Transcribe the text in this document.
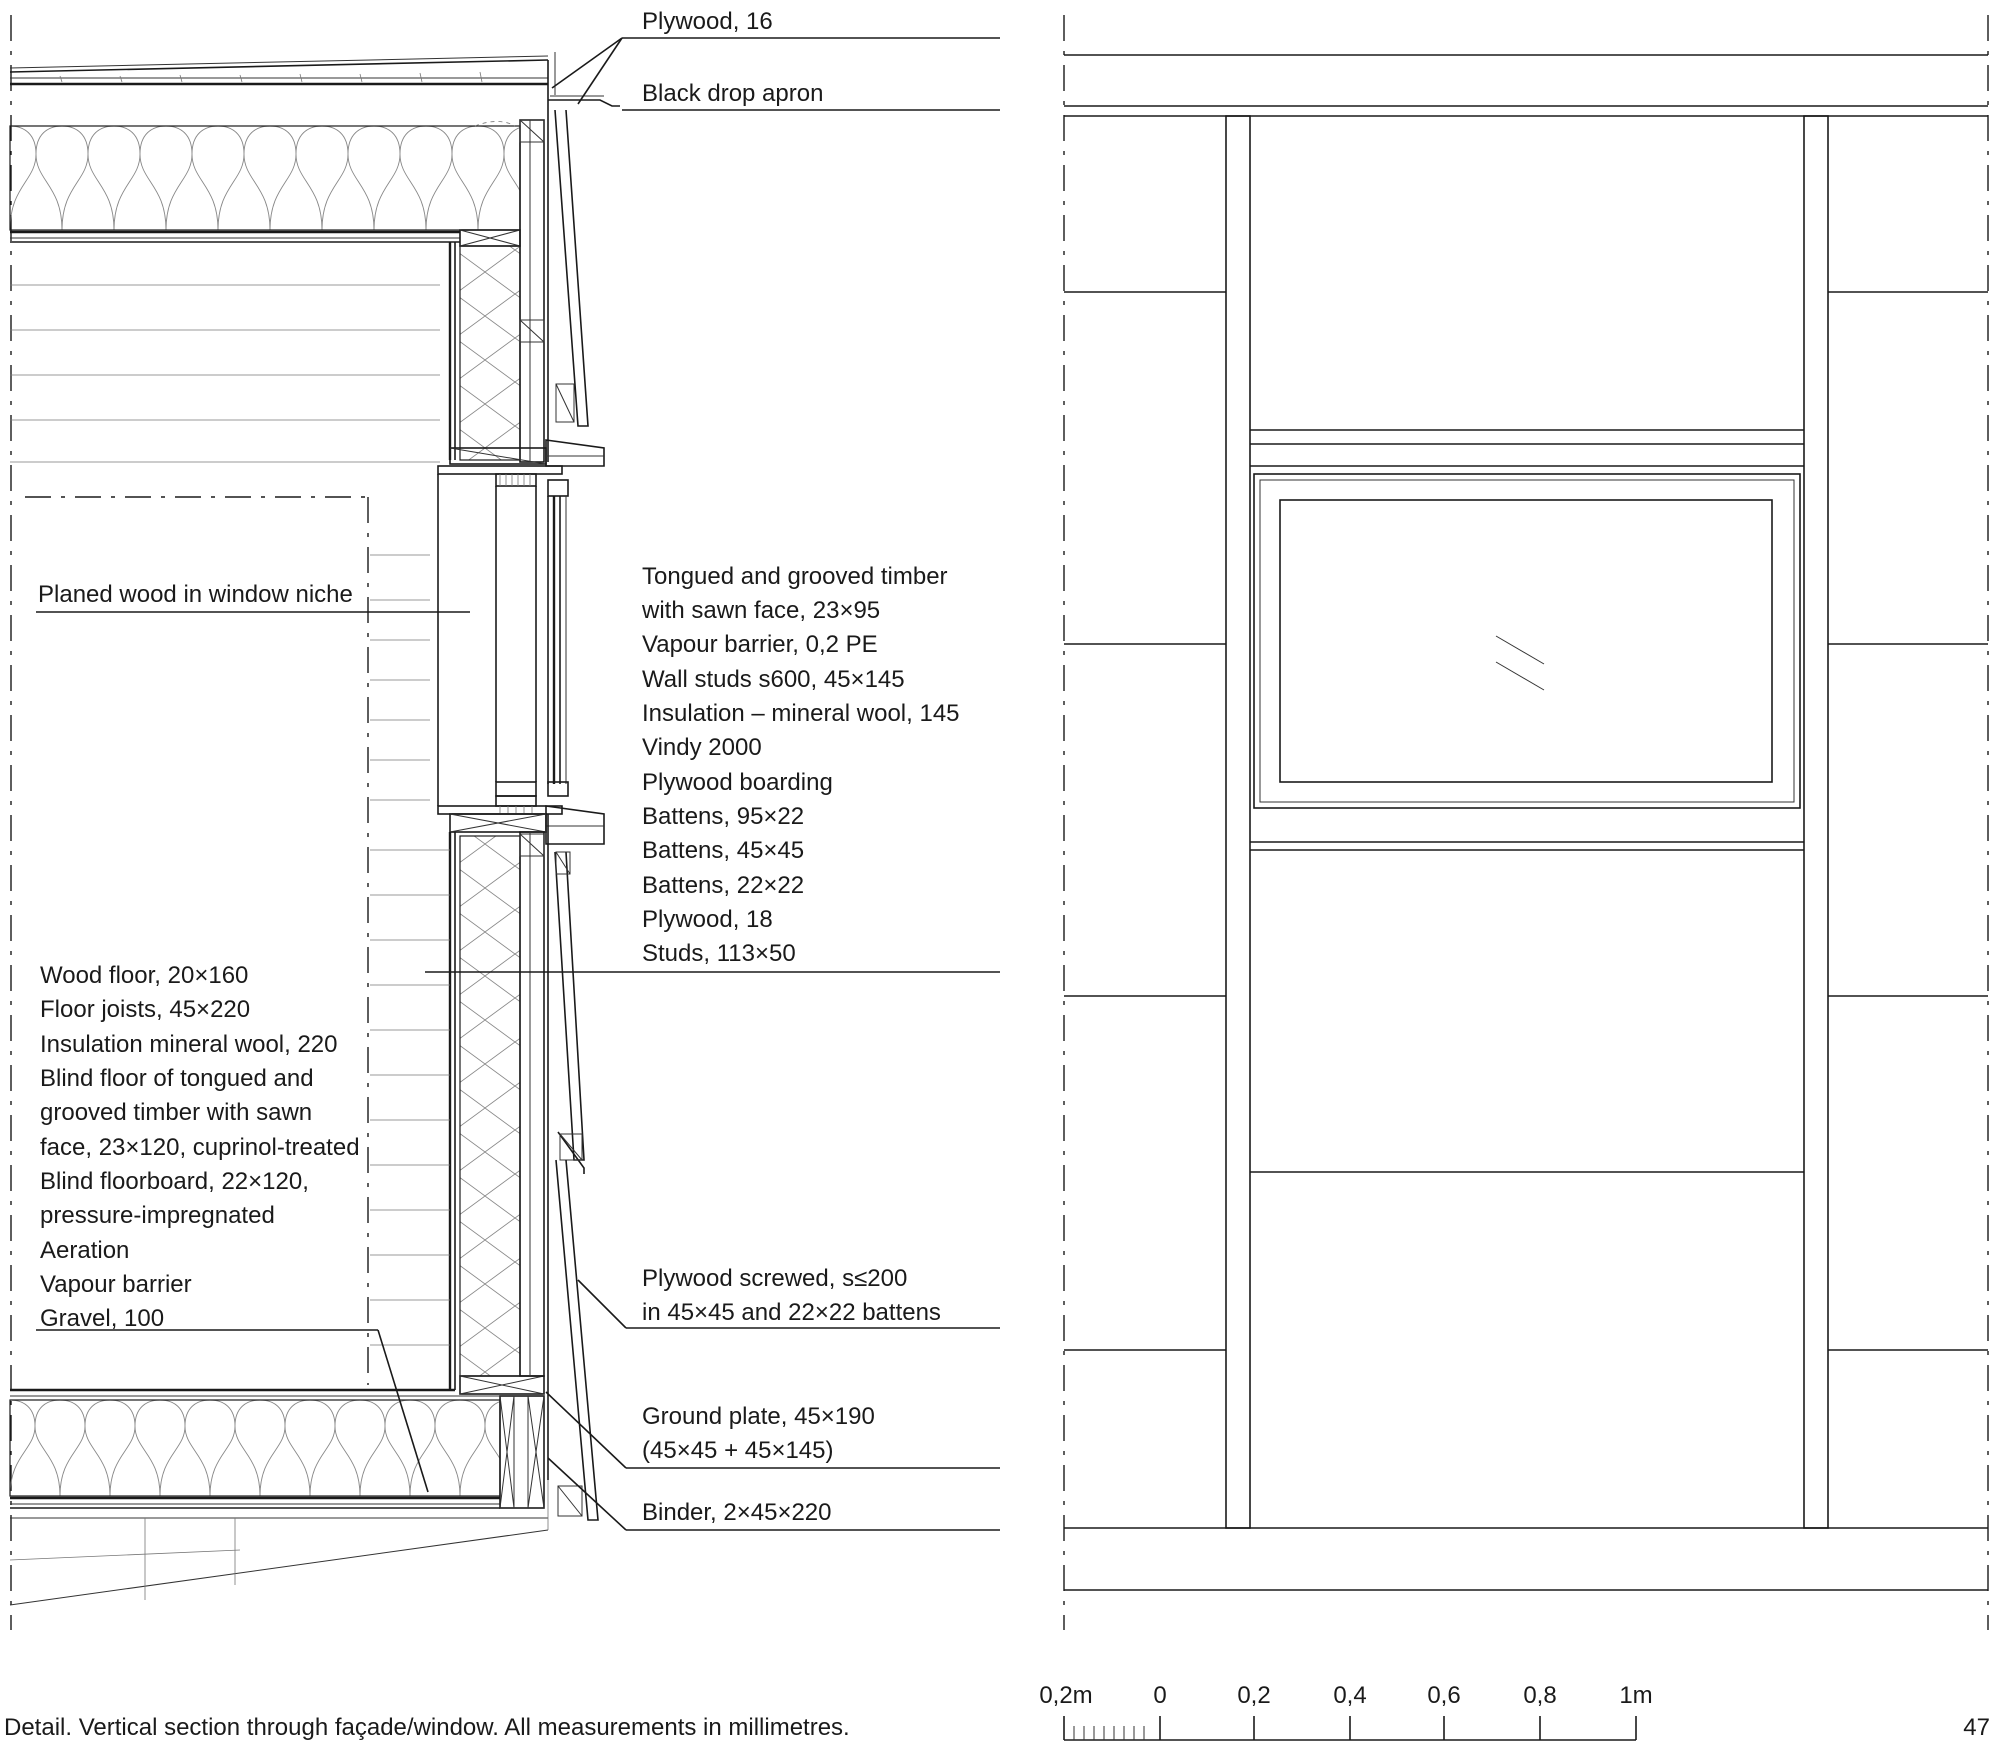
Plywood, 16
Black drop apron
Planed wood in window niche
Tongued and grooved timber
with sawn face, 23×95
Vapour barrier, 0,2 PE
Wall studs s600, 45×145
Insulation – mineral wool, 145
Vindy 2000
Plywood boarding
Battens, 95×22
Battens, 45×45
Battens, 22×22
Plywood, 18
Studs, 113×50
Wood floor, 20×160
Floor joists, 45×220
Insulation mineral wool, 220
Blind floor of tongued and
grooved timber with sawn
face, 23×120, cuprinol-treated
Blind floorboard, 22×120,
pressure-impregnated
Aeration
Vapour barrier
Gravel, 100
Plywood screwed, s≤200
in 45×45 and 22×22 battens
Ground plate, 45×190
(45×45 + 45×145)
Binder, 2×45×220
0,2m	0	0,2	0,4	0,6	0,8	1m
Detail. Vertical section through façade/window. All measurements in millimetres.	47
